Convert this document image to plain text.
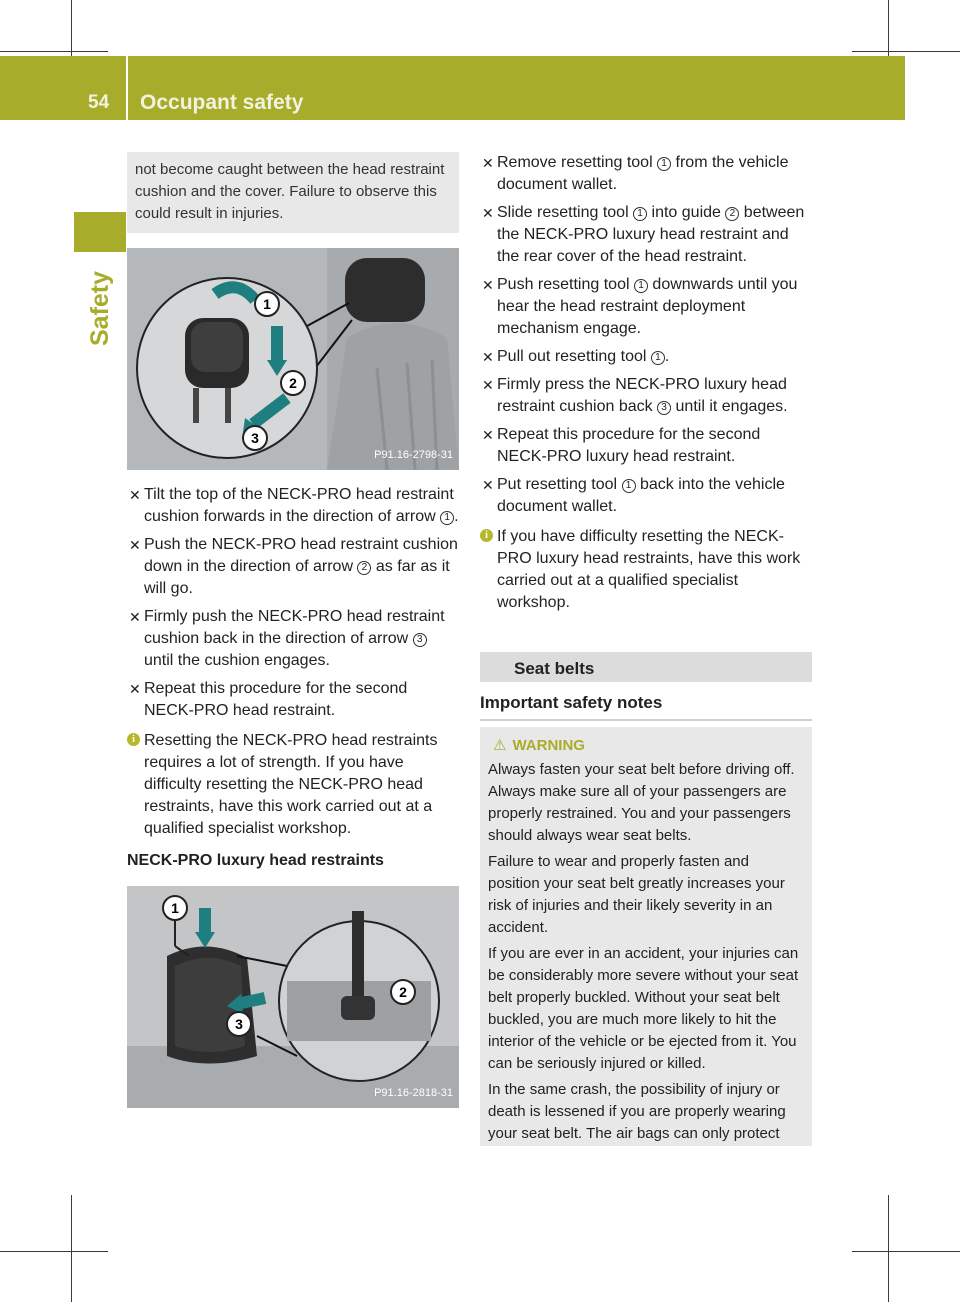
54 Occupant safety
Safety
not become caught between the head restraint cushion and the cover. Failure to observe this could result in injuries.
1
2
3
P91.16-2798-31
✕ Tilt the top of the NECK-PRO head restraint cushion forwards in the direction of arrow 1 .
✕ Push the NECK-PRO head restraint cushion down in the direction of arrow 2 as far as it will go.
✕ Firmly push the NECK-PRO head restraint cushion back in the direction of arrow 3 until the cushion engages.
✕ Repeat this procedure for the second NECK-PRO head restraint.
i Resetting the NECK-PRO head restraints requires a lot of strength. If you have difficulty resetting the NECK-PRO head restraints, have this work carried out at a qualified specialist workshop.
NECK-PRO luxury head restraints
1
2
3
P91.16-2818-31
✕ Remove resetting tool 1 from the vehicle document wallet.
✕ Slide resetting tool 1 into guide 2 between the NECK-PRO luxury head restraint and the rear cover of the head restraint.
✕ Push resetting tool 1 downwards until you hear the head restraint deployment mechanism engage.
✕ Pull out resetting tool 1 .
✕ Firmly press the NECK-PRO luxury head restraint cushion back 3 until it engages.
✕ Repeat this procedure for the second NECK-PRO luxury head restraint.
✕ Put resetting tool 1 back into the vehicle document wallet.
i If you have difficulty resetting the NECK-PRO luxury head restraints, have this work carried out at a qualified specialist workshop.
Seat belts
Important safety notes
⚠ WARNING

Always fasten your seat belt before driving off. Always make sure all of your passengers are properly restrained. You and your passengers should always wear seat belts.

Failure to wear and properly fasten and position your seat belt greatly increases your risk of injuries and their likely severity in an accident.

If you are ever in an accident, your injuries can be considerably more severe without your seat belt properly buckled. Without your seat belt buckled, you are much more likely to hit the interior of the vehicle or be ejected from it. You can be seriously injured or killed.

In the same crash, the possibility of injury or death is lessened if you are properly wearing your seat belt. The air bags can only protect
